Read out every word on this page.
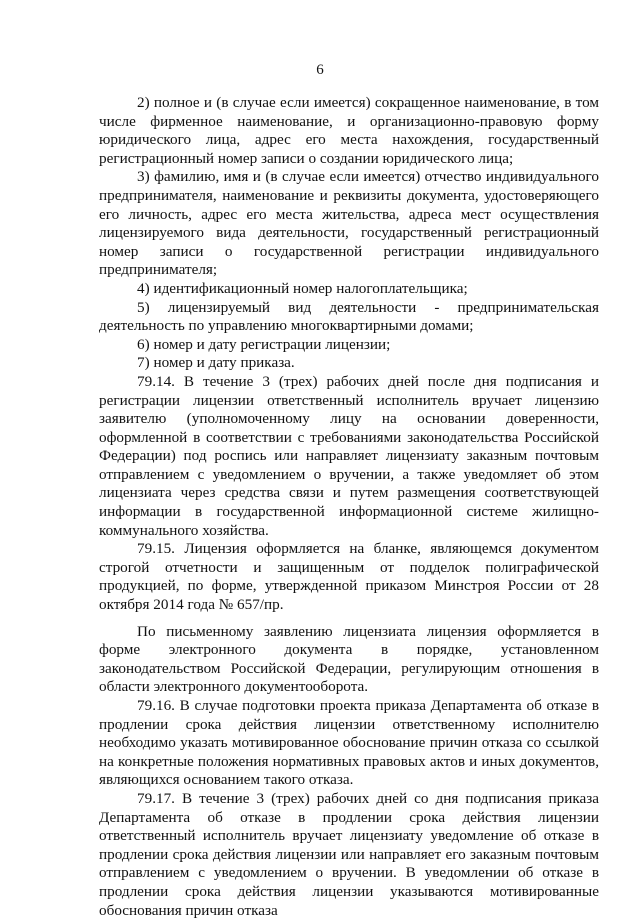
6

2) полное и (в случае если имеется) сокращенное наименование, в том числе фирменное наименование, и организационно-правовую форму юридического лица, адрес его места нахождения, государственный регистрационный номер записи о создании юридического лица;

3) фамилию, имя и (в случае если имеется) отчество индивидуального предпринимателя, наименование и реквизиты документа, удостоверяющего его личность, адрес его места жительства, адреса мест осуществления лицензируемого вида деятельности, государственный регистрационный номер записи о государственной регистрации индивидуального предпринимателя;

4) идентификационный номер налогоплательщика;

5) лицензируемый вид деятельности - предпринимательская деятельность по управлению многоквартирными домами;

6) номер и дату регистрации лицензии;

7) номер и дату приказа.

79.14. В течение 3 (трех) рабочих дней после дня подписания и регистрации лицензии ответственный исполнитель вручает лицензию заявителю (уполномоченному лицу на основании доверенности, оформленной в соответствии с требованиями законодательства Российской Федерации) под роспись или направляет лицензиату заказным почтовым отправлением с уведомлением о вручении, а также уведомляет об этом лицензиата через средства связи и путем размещения соответствующей информации в государственной информационной системе жилищно-коммунального хозяйства.

79.15. Лицензия оформляется на бланке, являющемся документом строгой отчетности и защищенным от подделок полиграфической продукцией, по форме, утвержденной приказом Минстроя России от 28 октября 2014 года № 657/пр.

По письменному заявлению лицензиата лицензия оформляется в форме электронного документа в порядке, установленном законодательством Российской Федерации, регулирующим отношения в области электронного документооборота.

79.16. В случае подготовки проекта приказа Департамента об отказе в продлении срока действия лицензии ответственному исполнителю необходимо указать мотивированное обоснование причин отказа со ссылкой на конкретные положения нормативных правовых актов и иных документов, являющихся основанием такого отказа.

79.17. В течение 3 (трех) рабочих дней со дня подписания приказа Департамента об отказе в продлении срока действия лицензии ответственный исполнитель вручает лицензиату уведомление об отказе в продлении срока действия лицензии или направляет его заказным почтовым отправлением с уведомлением о вручении. В уведомлении об отказе в продлении срока действия лицензии указываются мотивированные обоснования причин отказа
